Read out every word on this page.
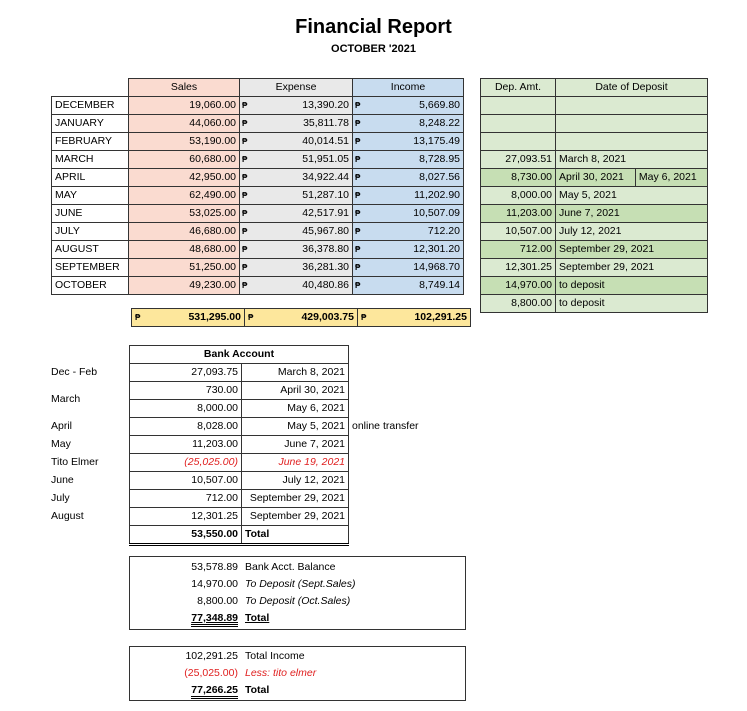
Financial Report
OCTOBER '2021
	Sales	Expense		Income	
DECEMBER	19,060.00	₱	13,390.20	₱	5,669.80
JANUARY	44,060.00	₱	35,811.78	₱	8,248.22
FEBRUARY	53,190.00	₱	40,014.51	₱	13,175.49
MARCH	60,680.00	₱	51,951.05	₱	8,728.95
APRIL	42,950.00	₱	34,922.44	₱	8,027.56
MAY	62,490.00	₱	51,287.10	₱	11,202.90
JUNE	53,025.00	₱	42,517.91	₱	10,507.09
JULY	46,680.00	₱	45,967.80	₱	712.20
AUGUST	48,680.00	₱	36,378.80	₱	12,301.20
SEPTEMBER	51,250.00	₱	36,281.30	₱	14,968.70
OCTOBER	49,230.00	₱	40,480.86	₱	8,749.14
Dep. Amt.	Date of Deposit	

27,093.51	March 8, 2021	
8,730.00	April 30, 2021	May 6, 2021
8,000.00	May 5, 2021	
11,203.00	June 7, 2021	
10,507.00	July 12, 2021	
712.00	September 29, 2021	
12,301.25	September 29, 2021	
14,970.00	to deposit	
8,800.00	to deposit	
₱	531,295.00	₱	429,003.75	₱	102,291.25
	Bank Account		
Dec - Feb	27,093.75	March 8, 2021	
March	730.00	April 30, 2021	
	8,000.00	May 6, 2021	
April	8,028.00	May 5, 2021	online transfer
May	11,203.00	June 7, 2021	
Tito Elmer	(25,025.00)	June 19, 2021	
June	10,507.00	July 12, 2021	
July	712.00	September 29, 2021	
August	12,301.25	September 29, 2021	
	53,550.00	Total	
53,578.89	Bank Acct. Balance
14,970.00	To Deposit (Sept.Sales)
8,800.00	To Deposit (Oct.Sales)
77,348.89	Total
102,291.25	Total Income
(25,025.00)	Less: tito elmer
77,266.25	Total
